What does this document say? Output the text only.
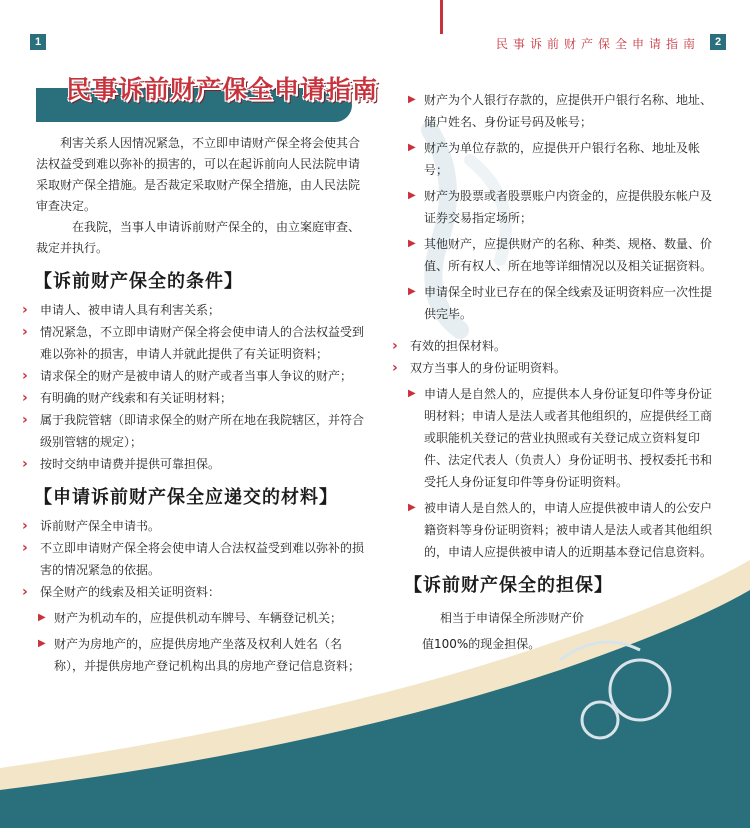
1	2
民事诉前财产保全申请指南
民事诉前财产保全申请指南

利害关系人因情况紧急，不立即申请财产保全将会使其合法权益受到难以弥补的损害的，可以在起诉前向人民法院申请采取财产保全措施。是否裁定采取财产保全措施，由人民法院审查决定。

在我院，当事人申请诉前财产保全的，由立案庭审查、裁定并执行。

【诉前财产保全的条件】
› 申请人、被申请人具有利害关系；
› 情况紧急，不立即申请财产保全将会使申请人的合法权益受到难以弥补的损害，申请人并就此提供了有关证明资料；
› 请求保全的财产是被申请人的财产或者当事人争议的财产；
› 有明确的财产线索和有关证明材料；
› 属于我院管辖（即请求保全的财产所在地在我院辖区，并符合级别管辖的规定）；
› 按时交纳申请费并提供可靠担保。
【申请诉前财产保全应递交的材料】
› 诉前财产保全申请书。
› 不立即申请财产保全将会使申请人合法权益受到难以弥补的损害的情况紧急的依据。
› 保全财产的线索及相关证明资料：
▶ 财产为机动车的，应提供机动车牌号、车辆登记机关；
▶ 财产为房地产的，应提供房地产坐落及权利人姓名（名称），并提供房地产登记机构出具的房地产登记信息资料；
▶ 财产为个人银行存款的，应提供开户银行名称、地址、储户姓名、身份证号码及帐号；
▶ 财产为单位存款的，应提供开户银行名称、地址及帐号；
▶ 财产为股票或者股票账户内资金的，应提供股东帐户及证券交易指定场所；
▶ 其他财产，应提供财产的名称、种类、规格、数量、价值、所有权人、所在地等详细情况以及相关证据资料。
▶ 申请保全时业已存在的保全线索及证明资料应一次性提供完毕。
› 有效的担保材料。
› 双方当事人的身份证明资料。
▶ 申请人是自然人的，应提供本人身份证复印件等身份证明材料；申请人是法人或者其他组织的，应提供经工商或职能机关登记的营业执照或有关登记成立资料复印件、法定代表人（负责人）身份证明书、授权委托书和受托人身份证复印件等身份证明资料。
▶ 被申请人是自然人的，申请人应提供被申请人的公安户籍资料等身份证明资料；被申请人是法人或者其他组织的，申请人应提供被申请人的近期基本登记信息资料。
【诉前财产保全的担保】
相当于申请保全所涉财产价
值100%的现金担保。
